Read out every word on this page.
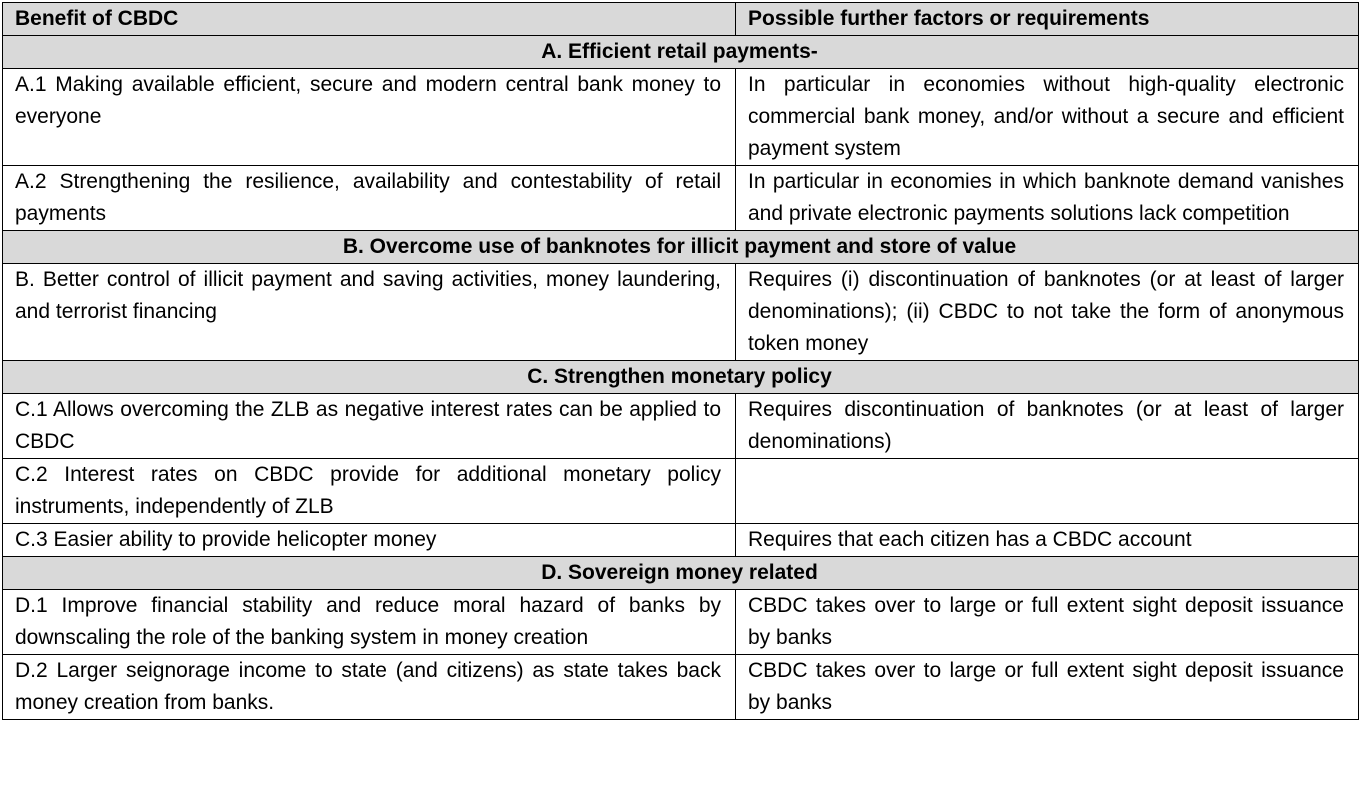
Benefit of CBDC	Possible further factors or requirements
A. Efficient retail payments-	
A.1 Making available efficient, secure and modern central bank money to everyone	In particular in economies without high-quality electronic commercial bank money, and/or without a secure and efficient payment system
A.2 Strengthening the resilience, availability and contestability of retail payments	In particular in economies in which banknote demand vanishes and private electronic payments solutions lack competition
B. Overcome use of banknotes for illicit payment and store of value	
B. Better control of illicit payment and saving activities, money laundering, and terrorist financing	Requires (i) discontinuation of banknotes (or at least of larger denominations); (ii) CBDC to not take the form of anonymous token money
C. Strengthen monetary policy	
C.1 Allows overcoming the ZLB as negative interest rates can be applied to CBDC	Requires discontinuation of banknotes (or at least of larger denominations)
C.2 Interest rates on CBDC provide for additional monetary policy instruments, independently of ZLB	
C.3 Easier ability to provide helicopter money	Requires that each citizen has a CBDC account
D. Sovereign money related	
D.1 Improve financial stability and reduce moral hazard of banks by downscaling the role of the banking system in money creation	CBDC takes over to large or full extent sight deposit issuance by banks
D.2 Larger seignorage income to state (and citizens) as state takes back money creation from banks.	CBDC takes over to large or full extent sight deposit issuance by banks
